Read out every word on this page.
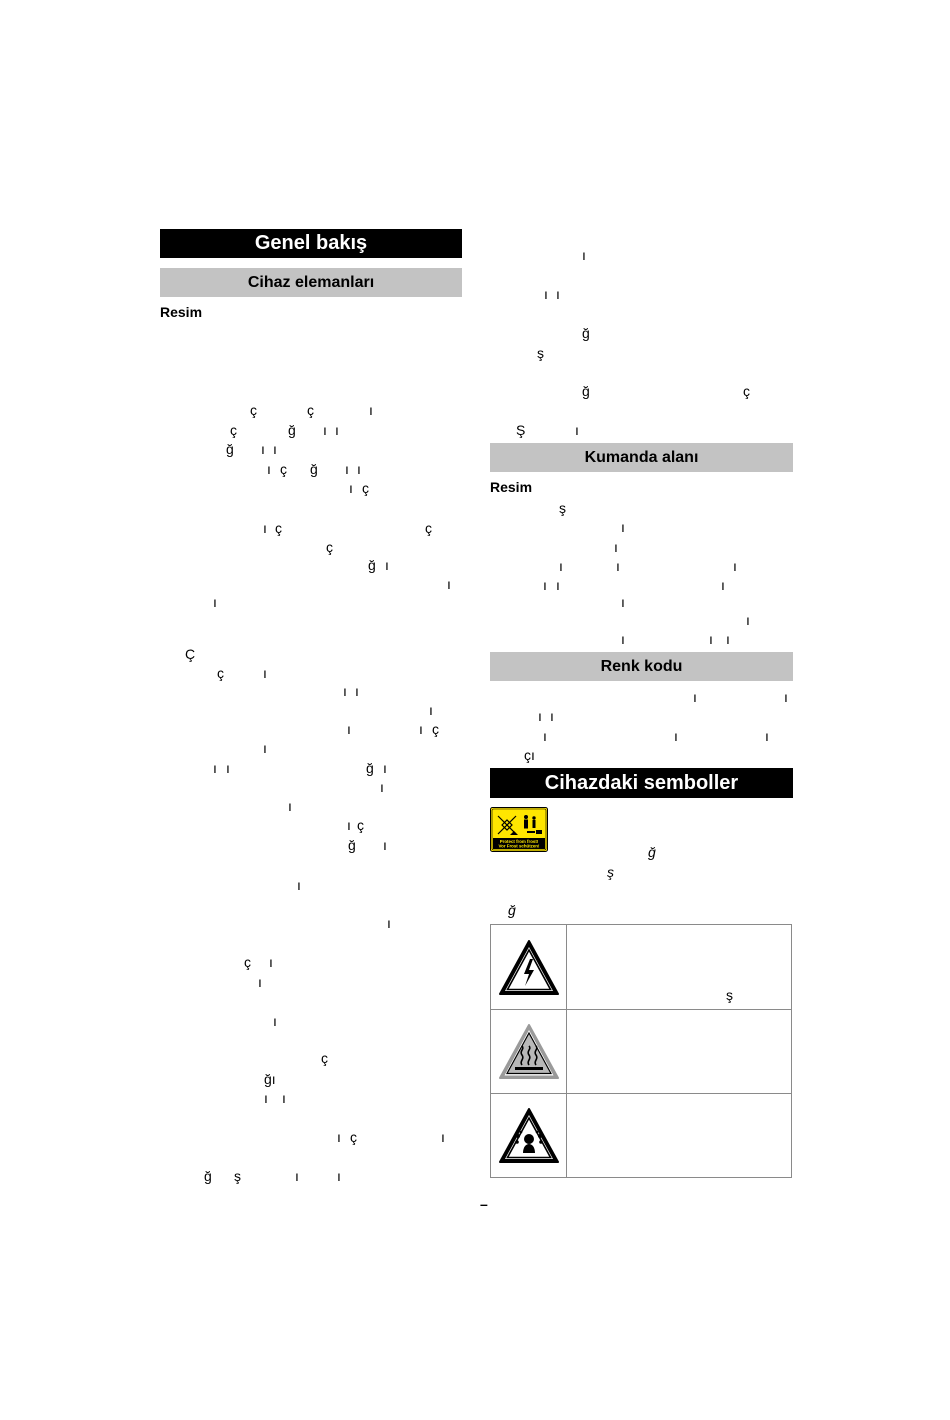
Genel bakış
Cihaz elemanları
Resim
ç	ç	ı
ç	ğ ı ı
ğ ı ı
ı ç ğ ı ı
ı ç
ı ç	ç
ç
ğ ı
ı
ı
Ç
ç	ı
ı ı
ı
ı	ı ç
ı
ı ı	ğ ı
ı
ı
ı ç
ğ ı
ı
ı
ç ı
ı
ı
ç
ğı
ı ı
ı ç	ı
ğ ş	ı	ı
ı
ı ı
ğ
ş
ğ	ç
Ş	ı
Kumanda alanı
Resim
ş
ı
ı
ı	ı	ı
ı ı	ı
ı
ı
ı	ı ı
Renk kodu
ı	ı
ı ı
ı	ı	ı
çı
Cihazdaki semboller
Protect from frost!
Vor Frost schützen!	ğ
ş
ğ
ş
–
